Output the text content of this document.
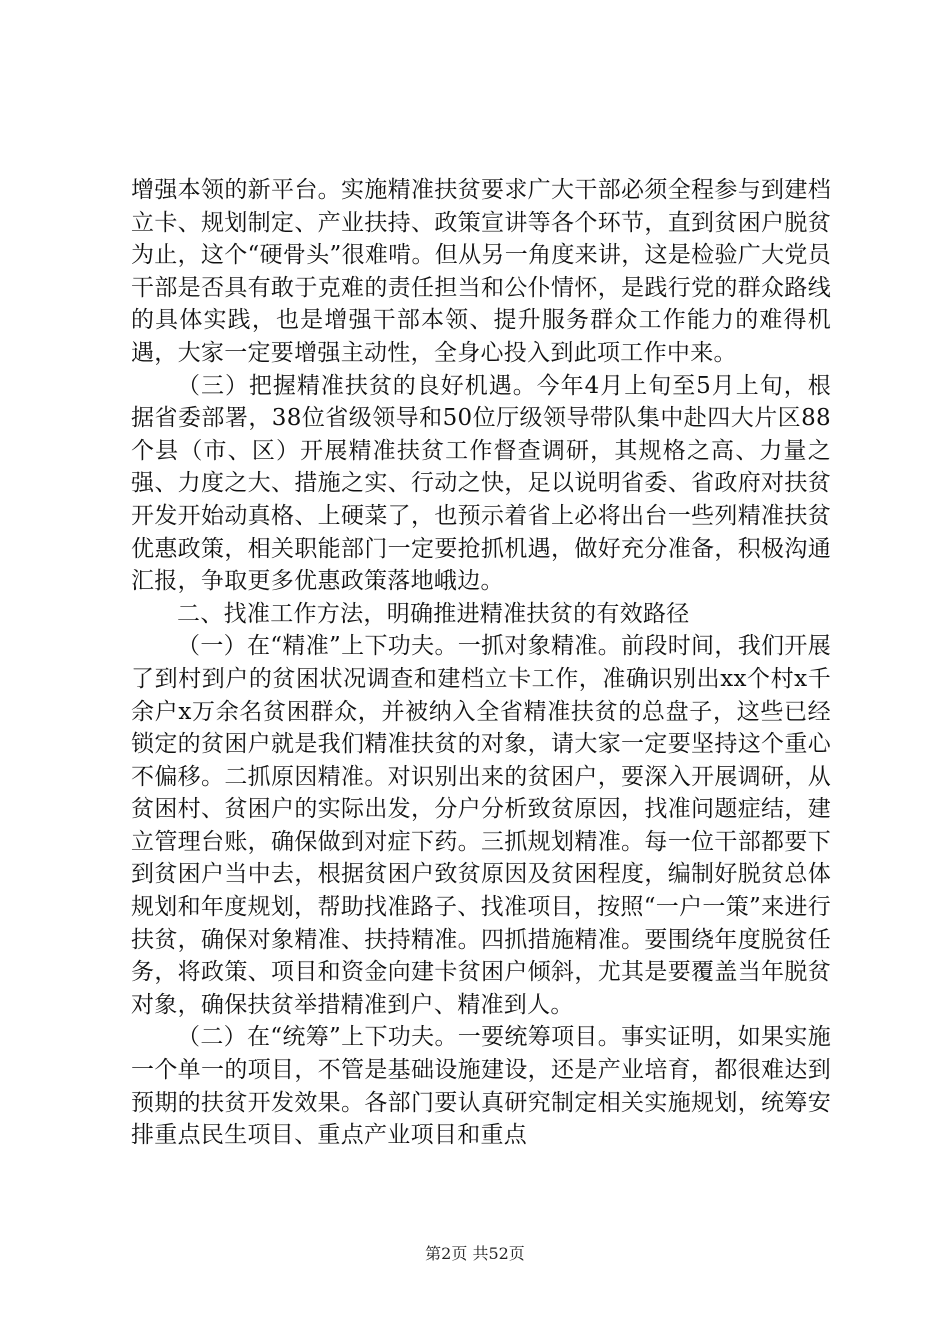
增强本领的新平台。实施精准扶贫要求广大干部必须全程参与到建档立卡、规划制定、产业扶持、政策宣讲等各个环节，直到贫困户脱贫为止，这个“硬骨头”很难啃。但从另一角度来讲，这是检验广大党员干部是否具有敢于克难的责任担当和公仆情怀，是践行党的群众路线的具体实践，也是增强干部本领、提升服务群众工作能力的难得机遇，大家一定要增强主动性，全身心投入到此项工作中来。

（三）把握精准扶贫的良好机遇。今年4月上旬至5月上旬，根据省委部署，38位省级领导和50位厅级领导带队集中赴四大片区88个县（市、区）开展精准扶贫工作督查调研，其规格之高、力量之强、力度之大、措施之实、行动之快，足以说明省委、省政府对扶贫开发开始动真格、上硬菜了，也预示着省上必将出台一些列精准扶贫优惠政策，相关职能部门一定要抢抓机遇，做好充分准备，积极沟通汇报，争取更多优惠政策落地峨边。

二、找准工作方法，明确推进精准扶贫的有效路径

（一）在“精准”上下功夫。一抓对象精准。前段时间，我们开展了到村到户的贫困状况调查和建档立卡工作，准确识别出xx个村x千余户x万余名贫困群众，并被纳入全省精准扶贫的总盘子，这些已经锁定的贫困户就是我们精准扶贫的对象，请大家一定要坚持这个重心不偏移。二抓原因精准。对识别出来的贫困户，要深入开展调研，从贫困村、贫困户的实际出发，分户分析致贫原因，找准问题症结，建立管理台账，确保做到对症下药。三抓规划精准。每一位干部都要下到贫困户当中去，根据贫困户致贫原因及贫困程度，编制好脱贫总体规划和年度规划，帮助找准路子、找准项目，按照“一户一策”来进行扶贫，确保对象精准、扶持精准。四抓措施精准。要围绕年度脱贫任务，将政策、项目和资金向建卡贫困户倾斜，尤其是要覆盖当年脱贫对象，确保扶贫举措精准到户、精准到人。

（二）在“统筹”上下功夫。一要统筹项目。事实证明，如果实施一个单一的项目，不管是基础设施建设，还是产业培育，都很难达到预期的扶贫开发效果。各部门要认真研究制定相关实施规划，统筹安排重点民生项目、重点产业项目和重点

第2页 共52页
